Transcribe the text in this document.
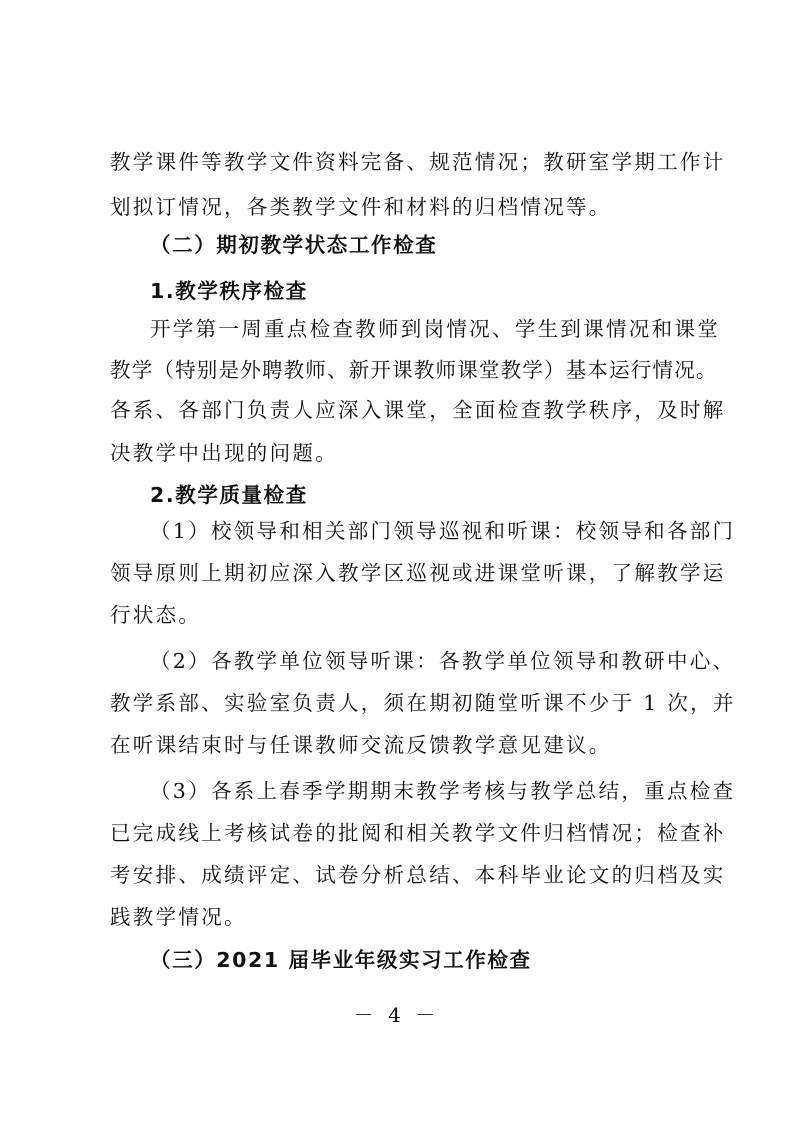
教学课件等教学文件资料完备、规范情况；教研室学期工作计
划拟订情况，各类教学文件和材料的归档情况等。
（二）期初教学状态工作检查
1.教学秩序检查
开学第一周重点检查教师到岗情况、学生到课情况和课堂
教学（特别是外聘教师、新开课教师课堂教学）基本运行情况。
各系、各部门负责人应深入课堂，全面检查教学秩序，及时解
决教学中出现的问题。
2.教学质量检查
（1）校领导和相关部门领导巡视和听课：校领导和各部门
领导原则上期初应深入教学区巡视或进课堂听课，了解教学运
行状态。
（2）各教学单位领导听课：各教学单位领导和教研中心、
教学系部、实验室负责人，须在期初随堂听课不少于 1 次，并
在听课结束时与任课教师交流反馈教学意见建议。
（3）各系上春季学期期末教学考核与教学总结，重点检查
已完成线上考核试卷的批阅和相关教学文件归档情况；检查补
考安排、成绩评定、试卷分析总结、本科毕业论文的归档及实
践教学情况。
（三）2021 届毕业年级实习工作检查
－ 4 －
